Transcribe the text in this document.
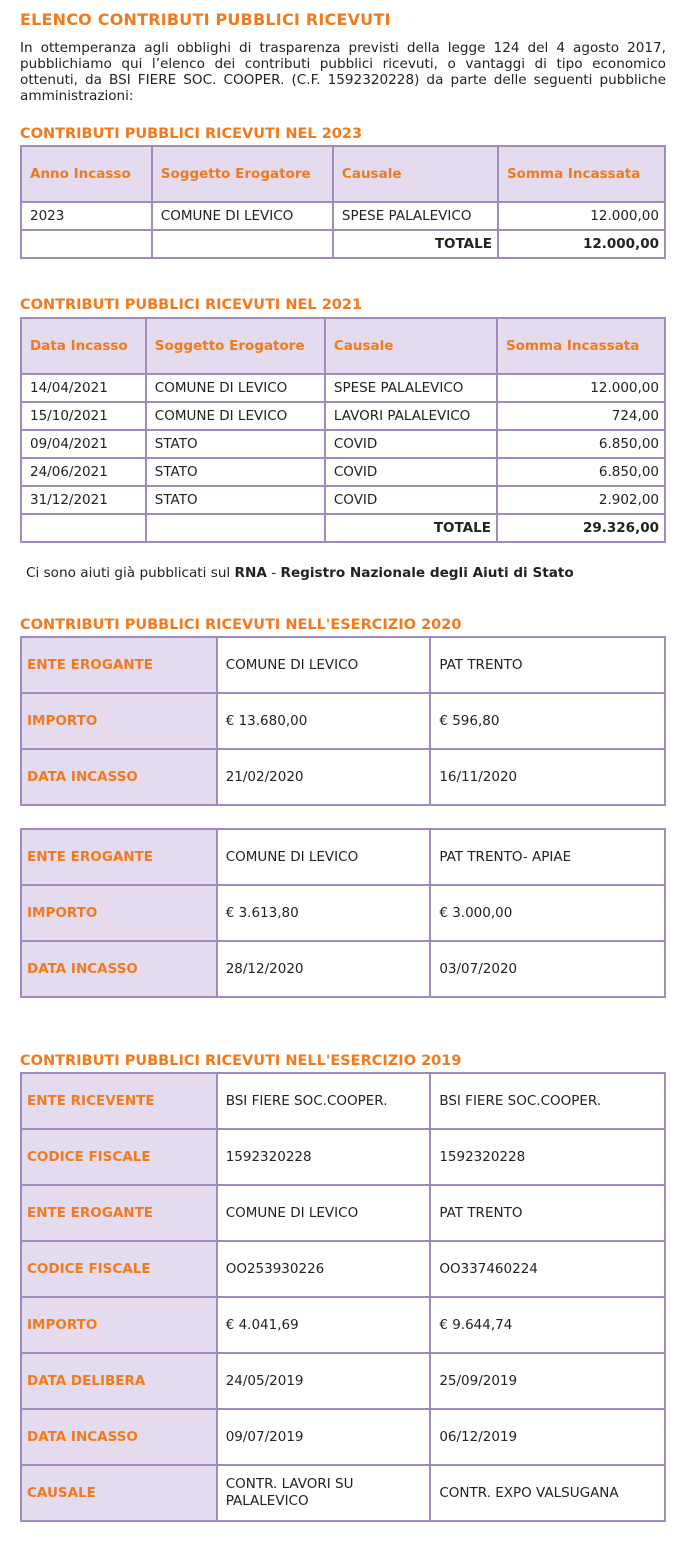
ELENCO CONTRIBUTI PUBBLICI RICEVUTI
In ottemperanza agli obblighi di trasparenza previsti della legge 124 del 4 agosto 2017, pubblichiamo qui l’elenco dei contributi pubblici ricevuti, o vantaggi di tipo economico ottenuti, da BSI FIERE SOC. COOPER. (C.F. 1592320228) da parte delle seguenti pubbliche amministrazioni:
CONTRIBUTI PUBBLICI RICEVUTI NEL 2023
Anno Incasso	Soggetto Erogatore	Causale	Somma Incassata
2023	COMUNE DI LEVICO	SPESE PALALEVICO	12.000,00
		TOTALE	12.000,00
CONTRIBUTI PUBBLICI RICEVUTI NEL 2021
Data Incasso	Soggetto Erogatore	Causale	Somma Incassata
14/04/2021	COMUNE DI LEVICO	SPESE PALALEVICO	12.000,00
15/10/2021	COMUNE DI LEVICO	LAVORI PALALEVICO	724,00
09/04/2021	STATO	COVID	6.850,00
24/06/2021	STATO	COVID	6.850,00
31/12/2021	STATO	COVID	2.902,00
		TOTALE	29.326,00
Ci sono aiuti già pubblicati sul RNA - Registro Nazionale degli Aiuti di Stato
CONTRIBUTI PUBBLICI RICEVUTI NELL'ESERCIZIO 2020
ENTE EROGANTE	COMUNE DI LEVICO	PAT TRENTO
IMPORTO	€ 13.680,00	€ 596,80
DATA INCASSO	21/02/2020	16/11/2020
ENTE EROGANTE	COMUNE DI LEVICO	PAT TRENTO- APIAE
IMPORTO	€ 3.613,80	€ 3.000,00
DATA INCASSO	28/12/2020	03/07/2020
CONTRIBUTI PUBBLICI RICEVUTI NELL'ESERCIZIO 2019
ENTE RICEVENTE	BSI FIERE SOC.COOPER.	BSI FIERE SOC.COOPER.
CODICE FISCALE	1592320228	1592320228
ENTE EROGANTE	COMUNE DI LEVICO	PAT TRENTO
CODICE FISCALE	OO253930226	OO337460224
IMPORTO	€ 4.041,69	€ 9.644,74
DATA DELIBERA	24/05/2019	25/09/2019
DATA INCASSO	09/07/2019	06/12/2019
CAUSALE	CONTR. LAVORI SU PALALEVICO	CONTR. EXPO VALSUGANA
